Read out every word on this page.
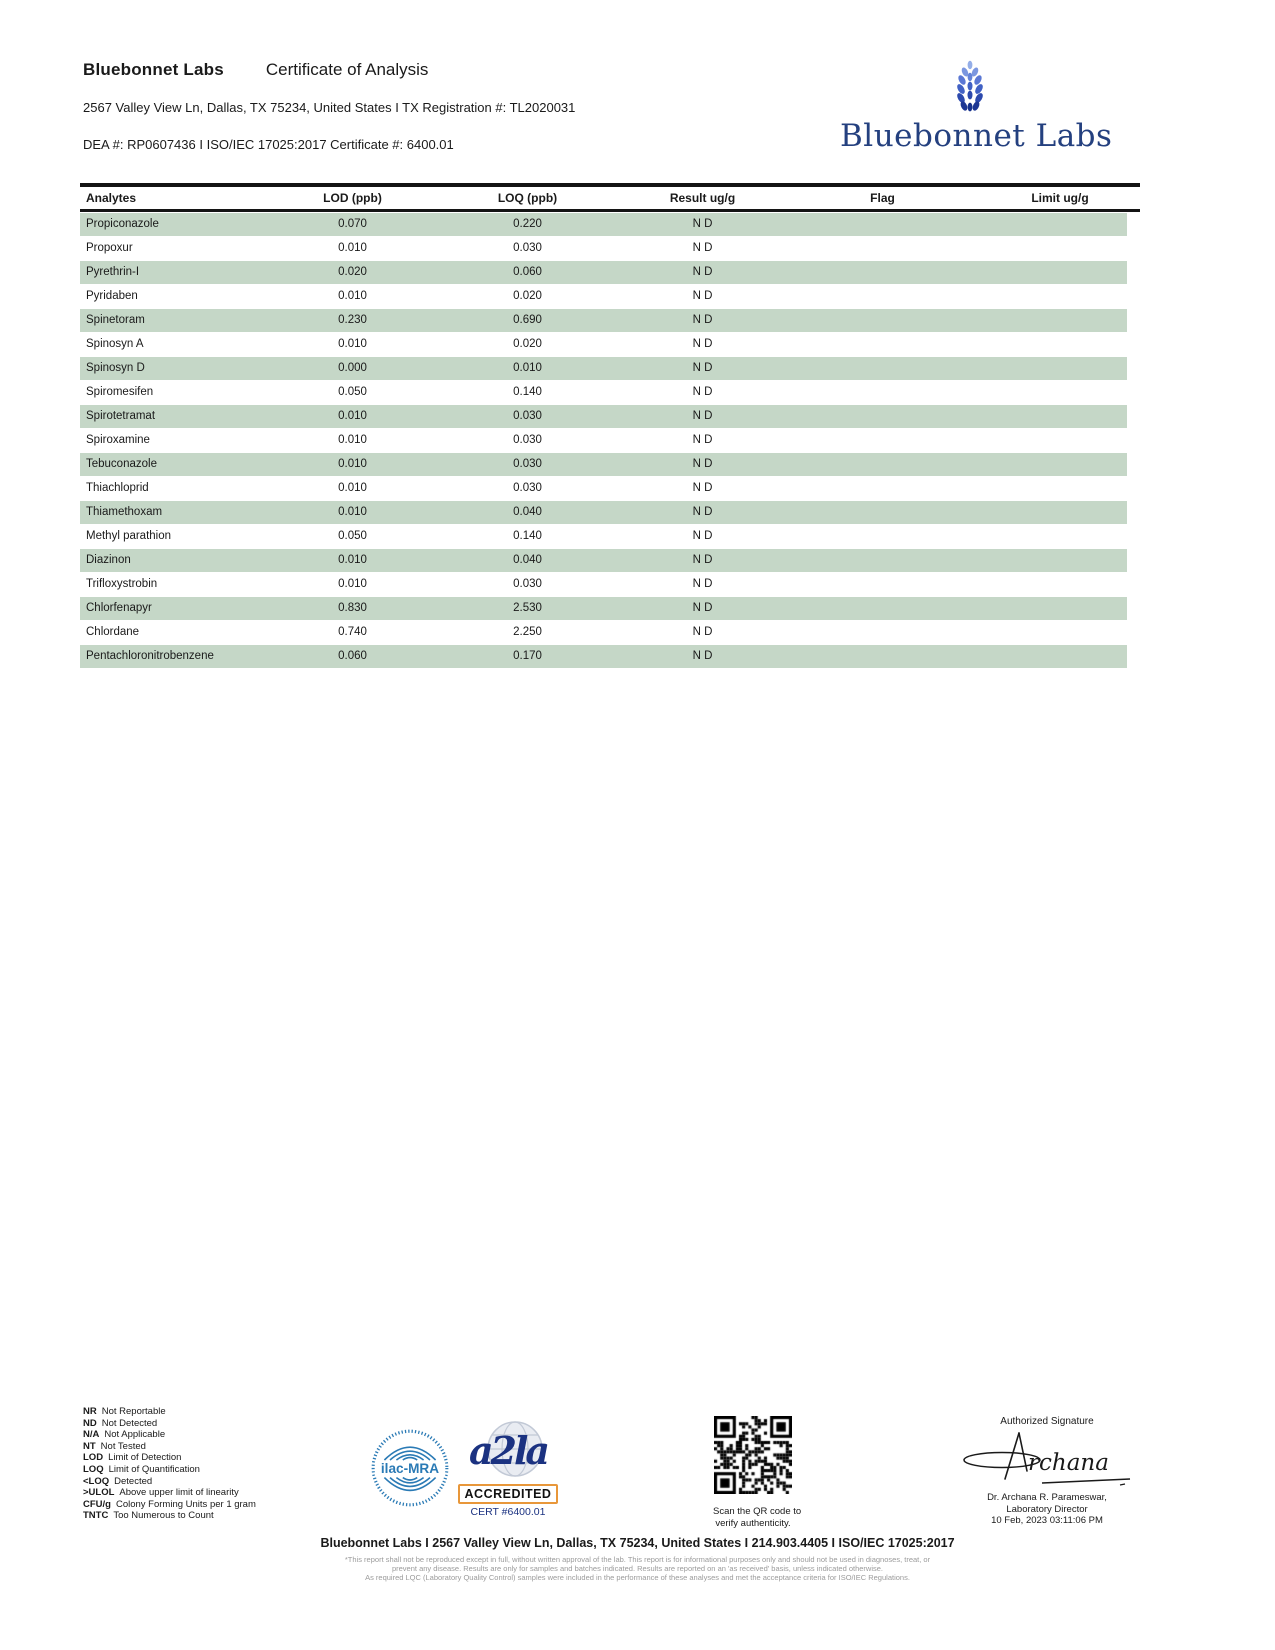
Bluebonnet Labs Certificate of Analysis
2567 Valley View Ln, Dallas, TX 75234, United States I TX Registration #: TL2020031
DEA #: RP0607436 I ISO/IEC 17025:2017 Certificate #: 6400.01	Bluebonnet Labs
Analytes	LOD (ppb)	LOQ (ppb)	Result ug/g	Flag	Limit ug/g
Propiconazole	0.070	0.220	N D
Propoxur	0.010	0.030	N D
Pyrethrin-I	0.020	0.060	N D
Pyridaben	0.010	0.020	N D
Spinetoram	0.230	0.690	N D
Spinosyn A	0.010	0.020	N D
Spinosyn D	0.000	0.010	N D
Spiromesifen	0.050	0.140	N D
Spirotetramat	0.010	0.030	N D
Spiroxamine	0.010	0.030	N D
Tebuconazole	0.010	0.030	N D
Thiachloprid	0.010	0.030	N D
Thiamethoxam	0.010	0.040	N D
Methyl parathion	0.050	0.140	N D
Diazinon	0.010	0.040	N D
Trifloxystrobin	0.010	0.030	N D
Chlorfenapyr	0.830	2.530	N D
Chlordane	0.740	2.250	N D
Pentachloronitrobenzene	0.060	0.170	N D
NR Not Reportable
ND Not Detected
N/A Not Applicable
NT Not Tested
LOD Limit of Detection
LOQ Limit of Quantification
<LOQ Detected
>ULOL Above upper limit of linearity
CFU/g Colony Forming Units per 1 gram
TNTC Too Numerous to Count
ilac-MRA a2la
ACCREDITED
CERT #6400.01	Scan the QR code to
verify authenticity.
Authorized Signature
rchana
Dr. Archana R. Parameswar,
Laboratory Director
10 Feb, 2023 03:11:06 PM
Bluebonnet Labs I 2567 Valley View Ln, Dallas, TX 75234, United States I 214.903.4405 I ISO/IEC 17025:2017
*This report shall not be reproduced except in full, without written approval of the lab. This report is for informational purposes only and should not be used in diagnoses, treat, or
prevent any disease. Results are only for samples and batches indicated. Results are reported on an 'as received' basis, unless indicated otherwise.
As required LQC (Laboratory Quality Control) samples were included in the performance of these analyses and met the acceptance criteria for ISO/IEC Regulations.
